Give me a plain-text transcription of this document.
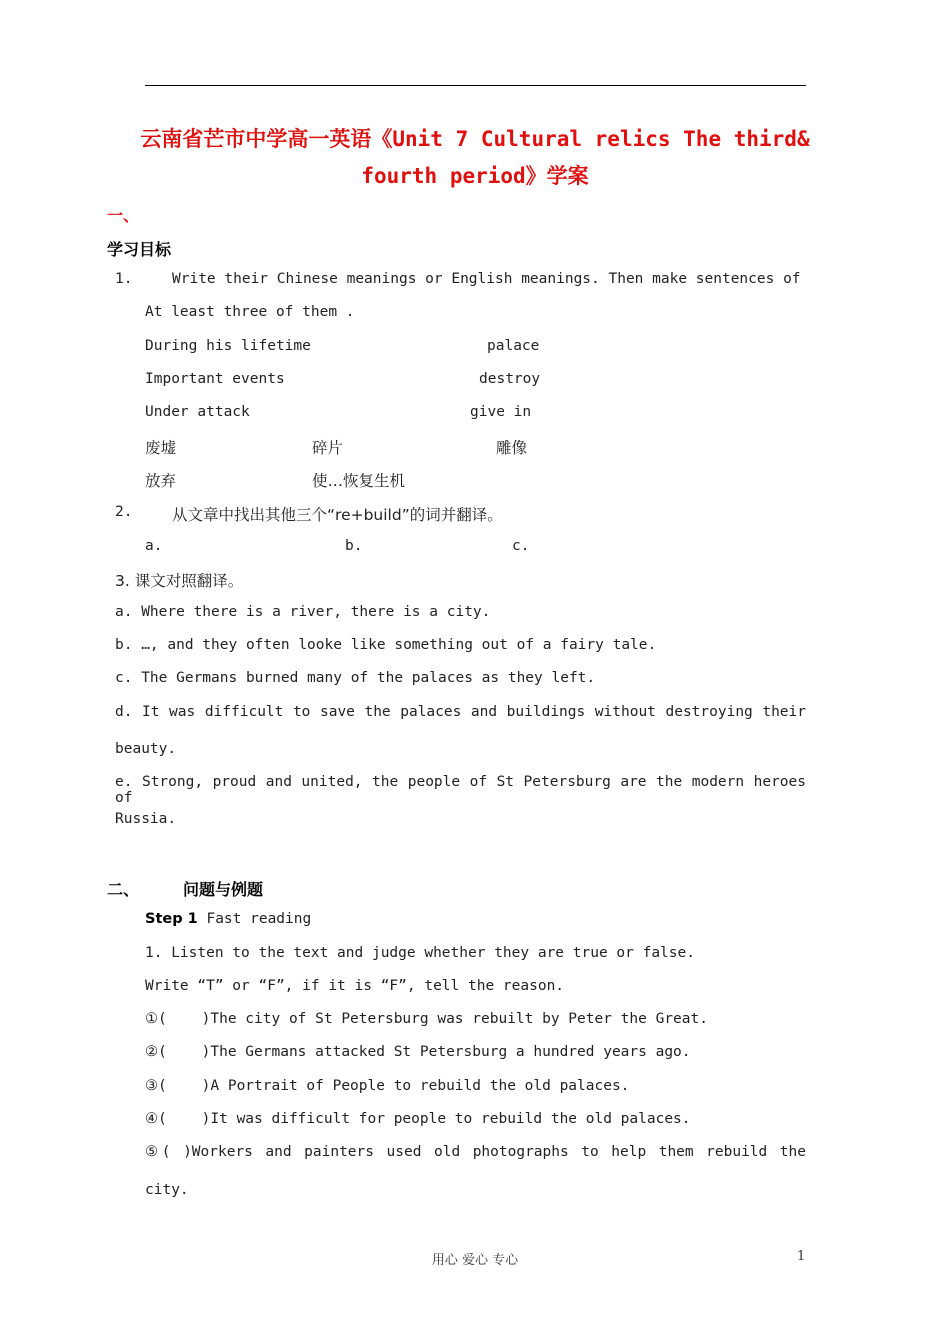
云南省芒市中学高一英语《Unit 7 Cultural relics The third&
fourth period》学案
一、
学习目标
1.	Write their Chinese meanings or English meanings. Then make sentences of
At least three of them .
During his lifetime	palace
Important events	destroy
Under attack	give in
废墟	碎片	雕像
放弃	使…恢复生机
2.	从文章中找出其他三个“re+build”的词并翻译。
a.	b.	c.
3. 课文对照翻译。
a. Where there is a river, there is a city.
b. …, and they often looke like something out of a fairy tale.
c. The Germans burned many of the palaces as they left.
d. It was difficult to save the palaces and buildings without destroying their
beauty.
e. Strong, proud and united, the people of St Petersburg are the modern heroes of
Russia.
二、	问题与例题
Step 1 Fast reading
1. Listen to the text and judge whether they are true or false.
Write “T” or “F”, if it is “F”, tell the reason.
①(    )The city of St Petersburg was rebuilt by Peter the Great.
②(    )The Germans attacked St Petersburg a hundred years ago.
③(    )A Portrait of People to rebuild the old palaces.
④(    )It was difficult for people to rebuild the old palaces.
⑤( )Workers and painters used old photographs to help them rebuild the
city.
用心 爱心 专心	1
